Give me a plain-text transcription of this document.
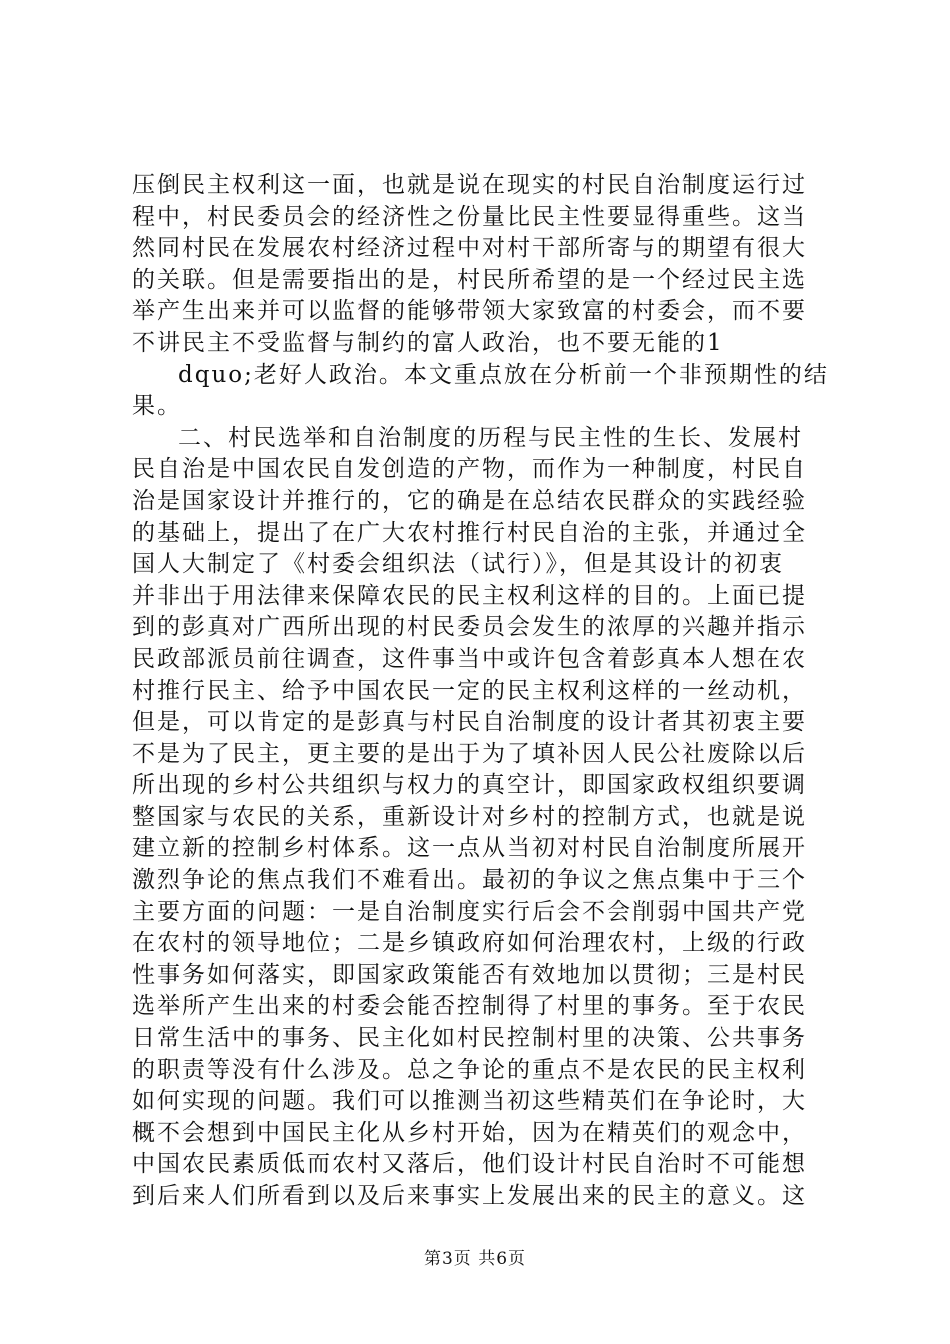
压倒民主权利这一面，也就是说在现实的村民自治制度运行过
程中，村民委员会的经济性之份量比民主性要显得重些。这当
然同村民在发展农村经济过程中对村干部所寄与的期望有很大
的关联。但是需要指出的是，村民所希望的是一个经过民主选
举产生出来并可以监督的能够带领大家致富的村委会，而不要
不讲民主不受监督与制约的富人政治，也不要无能的1
dquo;老好人政治。本文重点放在分析前一个非预期性的结
果。
二、村民选举和自治制度的历程与民主性的生长、发展村
民自治是中国农民自发创造的产物，而作为一种制度，村民自
治是国家设计并推行的，它的确是在总结农民群众的实践经验
的基础上，提出了在广大农村推行村民自治的主张，并通过全
国人大制定了《村委会组织法（试行）》，但是其设计的初衷
并非出于用法律来保障农民的民主权利这样的目的。上面已提
到的彭真对广西所出现的村民委员会发生的浓厚的兴趣并指示
民政部派员前往调查，这件事当中或许包含着彭真本人想在农
村推行民主、给予中国农民一定的民主权利这样的一丝动机，
但是，可以肯定的是彭真与村民自治制度的设计者其初衷主要
不是为了民主，更主要的是出于为了填补因人民公社废除以后
所出现的乡村公共组织与权力的真空计，即国家政权组织要调
整国家与农民的关系，重新设计对乡村的控制方式，也就是说
建立新的控制乡村体系。这一点从当初对村民自治制度所展开
激烈争论的焦点我们不难看出。最初的争议之焦点集中于三个
主要方面的问题：一是自治制度实行后会不会削弱中国共产党
在农村的领导地位；二是乡镇政府如何治理农村，上级的行政
性事务如何落实，即国家政策能否有效地加以贯彻；三是村民
选举所产生出来的村委会能否控制得了村里的事务。至于农民
日常生活中的事务、民主化如村民控制村里的决策、公共事务
的职责等没有什么涉及。总之争论的重点不是农民的民主权利
如何实现的问题。我们可以推测当初这些精英们在争论时，大
概不会想到中国民主化从乡村开始，因为在精英们的观念中，
中国农民素质低而农村又落后，他们设计村民自治时不可能想
到后来人们所看到以及后来事实上发展出来的民主的意义。这
第3页 共6页
